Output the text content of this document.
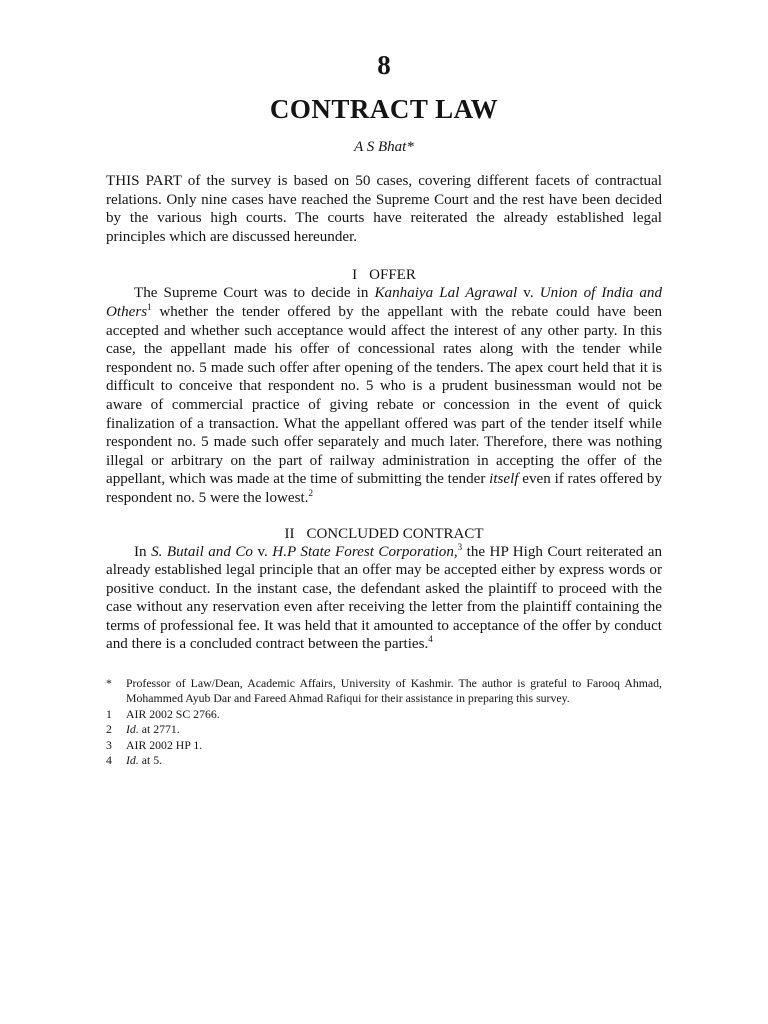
8
CONTRACT LAW
A S Bhat*

THIS PART of the survey is based on 50 cases, covering different facets of contractual relations. Only nine cases have reached the Supreme Court and the rest have been decided by the various high courts. The courts have reiterated the already established legal principles which are discussed hereunder.

I OFFER

The Supreme Court was to decide in Kanhaiya Lal Agrawal v. Union of India and Others$^1$ whether the tender offered by the appellant with the rebate could have been accepted and whether such acceptance would affect the interest of any other party. In this case, the appellant made his offer of concessional rates along with the tender while respondent no. 5 made such offer after opening of the tenders. The apex court held that it is difficult to conceive that respondent no. 5 who is a prudent businessman would not be aware of commercial practice of giving rebate or concession in the event of quick finalization of a transaction. What the appellant offered was part of the tender itself while respondent no. 5 made such offer separately and much later. Therefore, there was nothing illegal or arbitrary on the part of railway administration in accepting the offer of the appellant, which was made at the time of submitting the tender itself even if rates offered by respondent no. 5 were the lowest.$^2$

II CONCLUDED CONTRACT

In S. Butail and Co v. H.P State Forest Corporation,$^3$ the HP High Court reiterated an already established legal principle that an offer may be accepted either by express words or positive conduct. In the instant case, the defendant asked the plaintiff to proceed with the case without any reservation even after receiving the letter from the plaintiff containing the terms of professional fee. It was held that it amounted to acceptance of the offer by conduct and there is a concluded contract between the parties.$^4$

*	Professor of Law/Dean, Academic Affairs, University of Kashmir. The author is grateful to Farooq Ahmad, Mohammed Ayub Dar and Fareed Ahmad Rafiqui for their assistance in preparing this survey.
1	AIR 2002 SC 2766.
2	Id. at 2771.
3	AIR 2002 HP 1.
4	Id. at 5.
